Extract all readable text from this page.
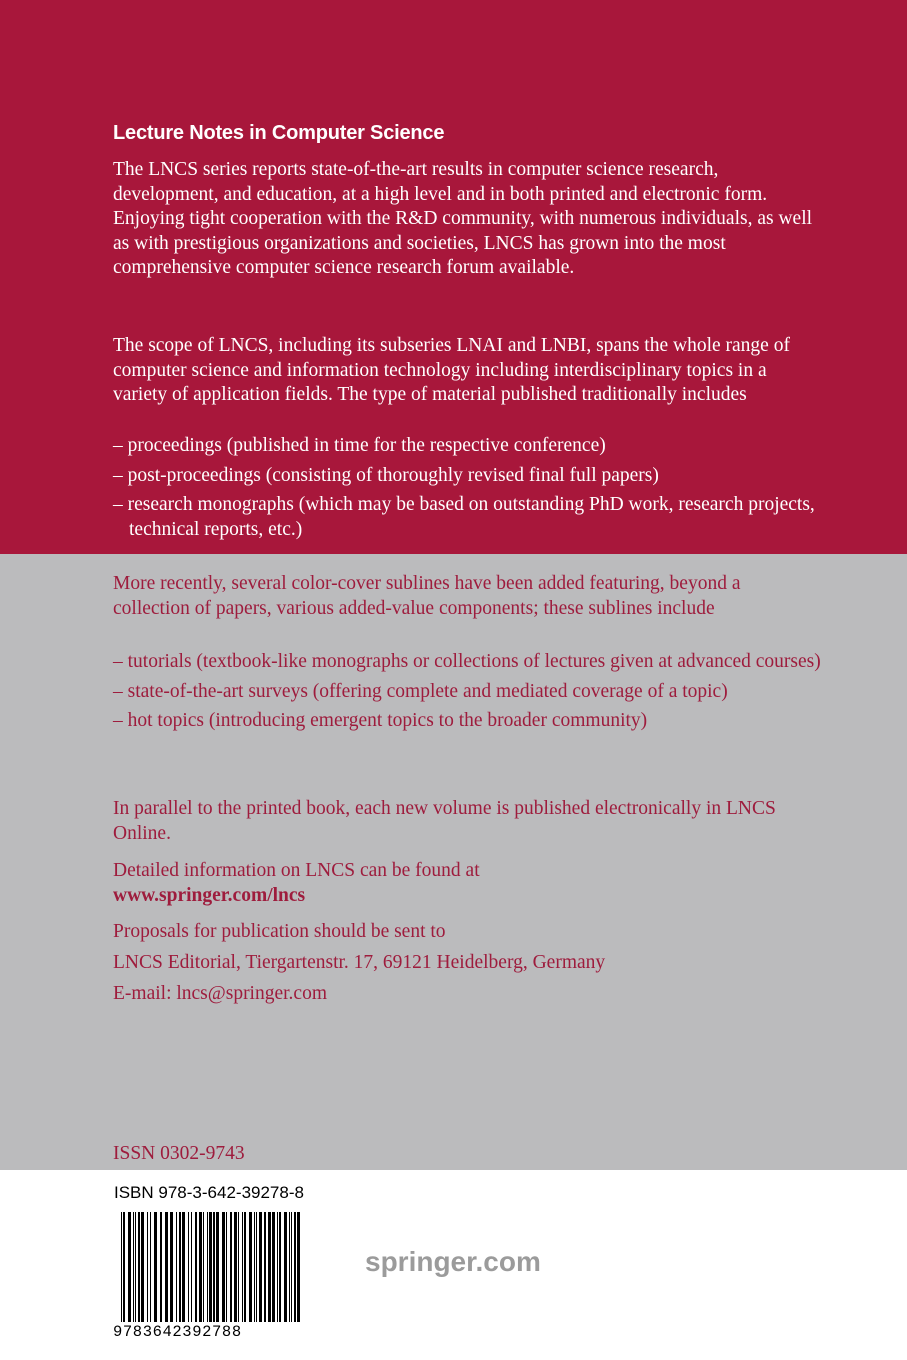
Lecture Notes in Computer Science

The LNCS series reports state-of-the-art results in computer science research, development, and education, at a high level and in both printed and electronic form. Enjoying tight cooperation with the R&D community, with numerous individuals, as well as with prestigious organizations and societies, LNCS has grown into the most comprehensive computer science research forum available.

The scope of LNCS, including its subseries LNAI and LNBI, spans the whole range of computer science and information technology including interdisciplinary topics in a variety of application fields. The type of material published traditionally includes

– proceedings (published in time for the respective conference)
– post-proceedings (consisting of thoroughly revised final full papers)
– research monographs (which may be based on outstanding PhD work, research projects, technical reports, etc.)

More recently, several color-cover sublines have been added featuring, beyond a collection of papers, various added-value components; these sublines include

– tutorials (textbook-like monographs or collections of lectures given at advanced courses)
– state-of-the-art surveys (offering complete and mediated coverage of a topic)
– hot topics (introducing emergent topics to the broader community)

In parallel to the printed book, each new volume is published electronically in LNCS Online.

Detailed information on LNCS can be found at

www.springer.com/lncs

Proposals for publication should be sent to

LNCS Editorial, Tiergartenstr. 17, 69121 Heidelberg, Germany

E-mail: lncs@springer.com

ISSN 0302-9743

ISBN 978-3-642-39278-8

9783642392788

springer.com
